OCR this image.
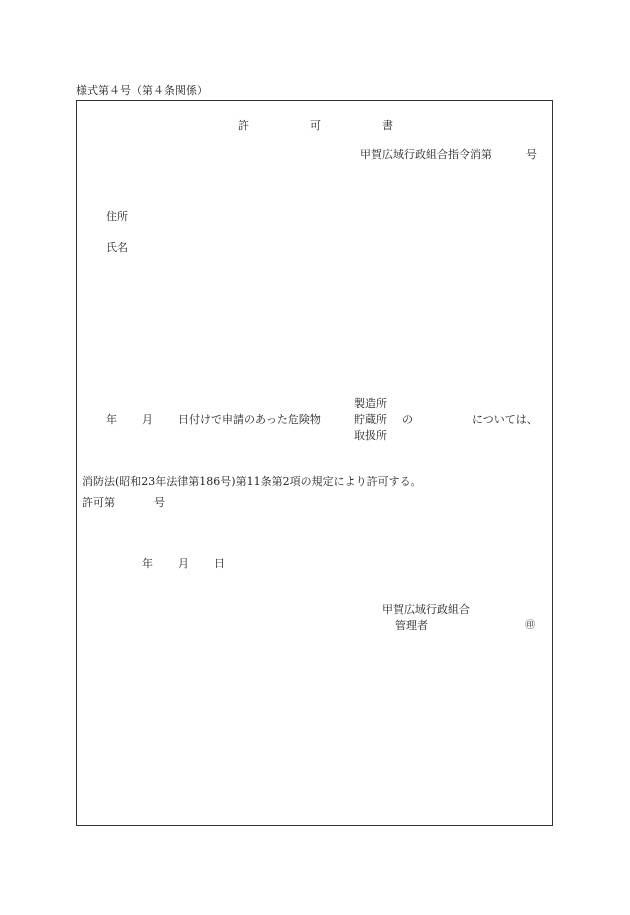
様式第４号（第４条関係）
許	可	書
甲賀広域行政組合指令消第	号
住所
氏名
年 月 日付けで申請のあった危険物
製造所
貯蔵所
取扱所
の	については、
消防法(昭和23年法律第186号)第11条第2項の規定により許可する。
許可第	号
年 月 日
甲賀広域行政組合
管理者	㊞
